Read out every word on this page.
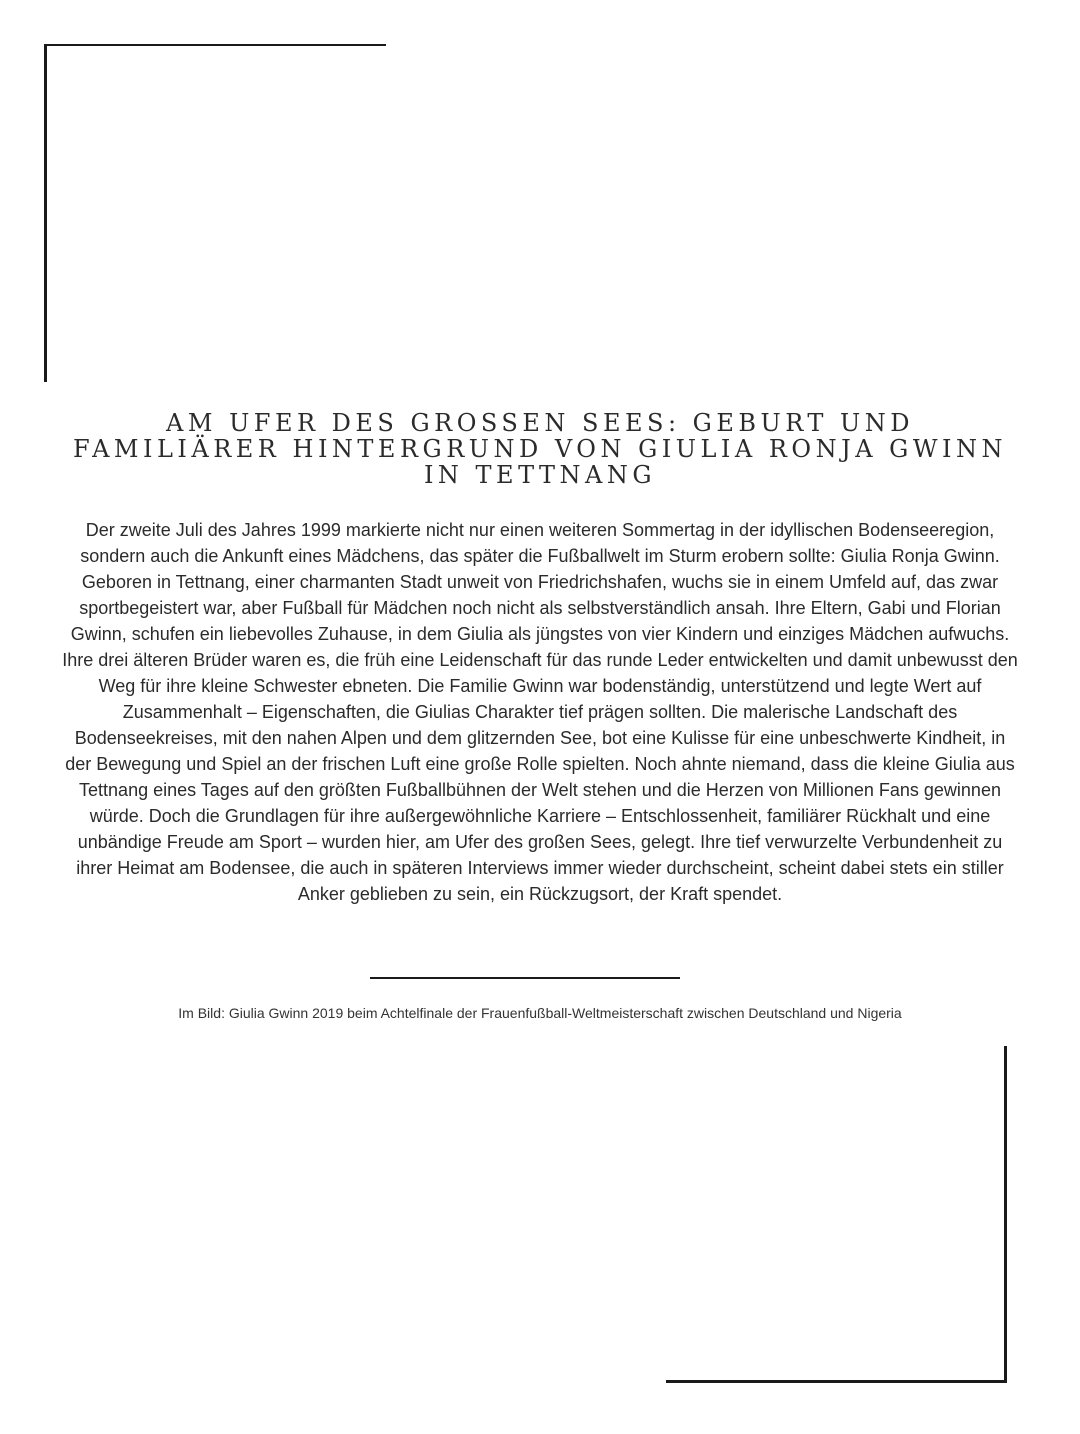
AM UFER DES GROSSEN SEES: GEBURT UND FAMILIÄRER HINTERGRUND VON GIULIA RONJA GWINN IN TETTNANG

Der zweite Juli des Jahres 1999 markierte nicht nur einen weiteren Sommertag in der idyllischen Bodenseeregion, sondern auch die Ankunft eines Mädchens, das später die Fußballwelt im Sturm erobern sollte: Giulia Ronja Gwinn. Geboren in Tettnang, einer charmanten Stadt unweit von Friedrichshafen, wuchs sie in einem Umfeld auf, das zwar sportbegeistert war, aber Fußball für Mädchen noch nicht als selbstverständlich ansah. Ihre Eltern, Gabi und Florian Gwinn, schufen ein liebevolles Zuhause, in dem Giulia als jüngstes von vier Kindern und einziges Mädchen aufwuchs. Ihre drei älteren Brüder waren es, die früh eine Leidenschaft für das runde Leder entwickelten und damit unbewusst den Weg für ihre kleine Schwester ebneten. Die Familie Gwinn war bodenständig, unterstützend und legte Wert auf Zusammenhalt – Eigenschaften, die Giulias Charakter tief prägen sollten. Die malerische Landschaft des Bodenseekreises, mit den nahen Alpen und dem glitzernden See, bot eine Kulisse für eine unbeschwerte Kindheit, in der Bewegung und Spiel an der frischen Luft eine große Rolle spielten. Noch ahnte niemand, dass die kleine Giulia aus Tettnang eines Tages auf den größten Fußballbühnen der Welt stehen und die Herzen von Millionen Fans gewinnen würde. Doch die Grundlagen für ihre außergewöhnliche Karriere – Entschlossenheit, familiärer Rückhalt und eine unbändige Freude am Sport – wurden hier, am Ufer des großen Sees, gelegt. Ihre tief verwurzelte Verbundenheit zu ihrer Heimat am Bodensee, die auch in späteren Interviews immer wieder durchscheint, scheint dabei stets ein stiller Anker geblieben zu sein, ein Rückzugsort, der Kraft spendet.

Im Bild: Giulia Gwinn 2019 beim Achtelfinale der Frauenfußball-Weltmeisterschaft zwischen Deutschland und Nigeria
